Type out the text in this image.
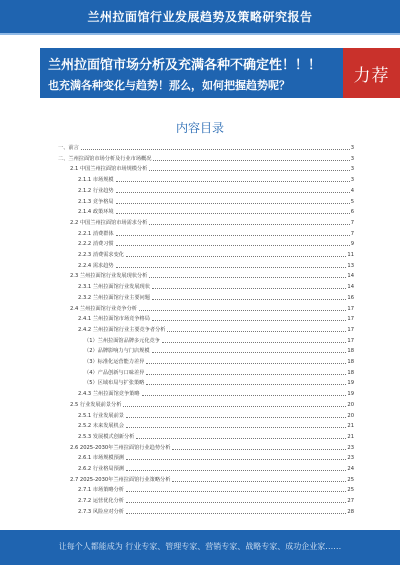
兰州拉面馆行业发展趋势及策略研究报告
兰州拉面馆市场分析及充满各种不确定性！！！
也充满各种变化与趋势！那么，如何把握趋势呢？	力荐
内容目录
一、前言	3
二、兰州拉面馆市场分析及行业市场概况	3
2.1 中国兰州拉面馆市场规模分析	3
2.1.1 市场规模	3
2.1.2 行业趋势	4
2.1.3 竞争格局	5
2.1.4 政策环境	6
2.2 中国兰州拉面馆市场需求分析	7
2.2.1 消费群体	7
2.2.2 消费习惯	9
2.2.3 消费需求变化	11
2.2.4 需求趋势	13
2.3 兰州拉面馆行业发展现状分析	14
2.3.1 兰州拉面馆行业发展现状	14
2.3.2 兰州拉面馆行业主要问题	16
2.4 兰州拉面馆行业竞争分析	17
2.4.1 兰州拉面馆市场竞争格局	17
2.4.2 兰州拉面馆行业主要竞争者分析	17
（1）兰州拉面馆品牌多元化竞争	17
（2）品牌影响力与门店规模	18
（3）标准化运营能力差异	18
（4）产品创新与口味差异	18
（5）区域布局与扩张策略	19
2.4.3 兰州拉面馆竞争策略	19
2.5 行业发展前景分析	20
2.5.1 行业发展前景	20
2.5.2 未来发展机会	21
2.5.3 发展模式创新分析	21
2.6 2025-2030年兰州拉面馆行业趋势分析	23
2.6.1 市场规模预测	23
2.6.2 行业格局预测	24
2.7 2025-2030年兰州拉面馆行业策略分析	25
2.7.1 市场策略分析	25
2.7.2 运营优化分析	27
2.7.3 风险应对分析	28
让每个人都能成为 行业专家、管理专家、营销专家、战略专家、成功企业家……
